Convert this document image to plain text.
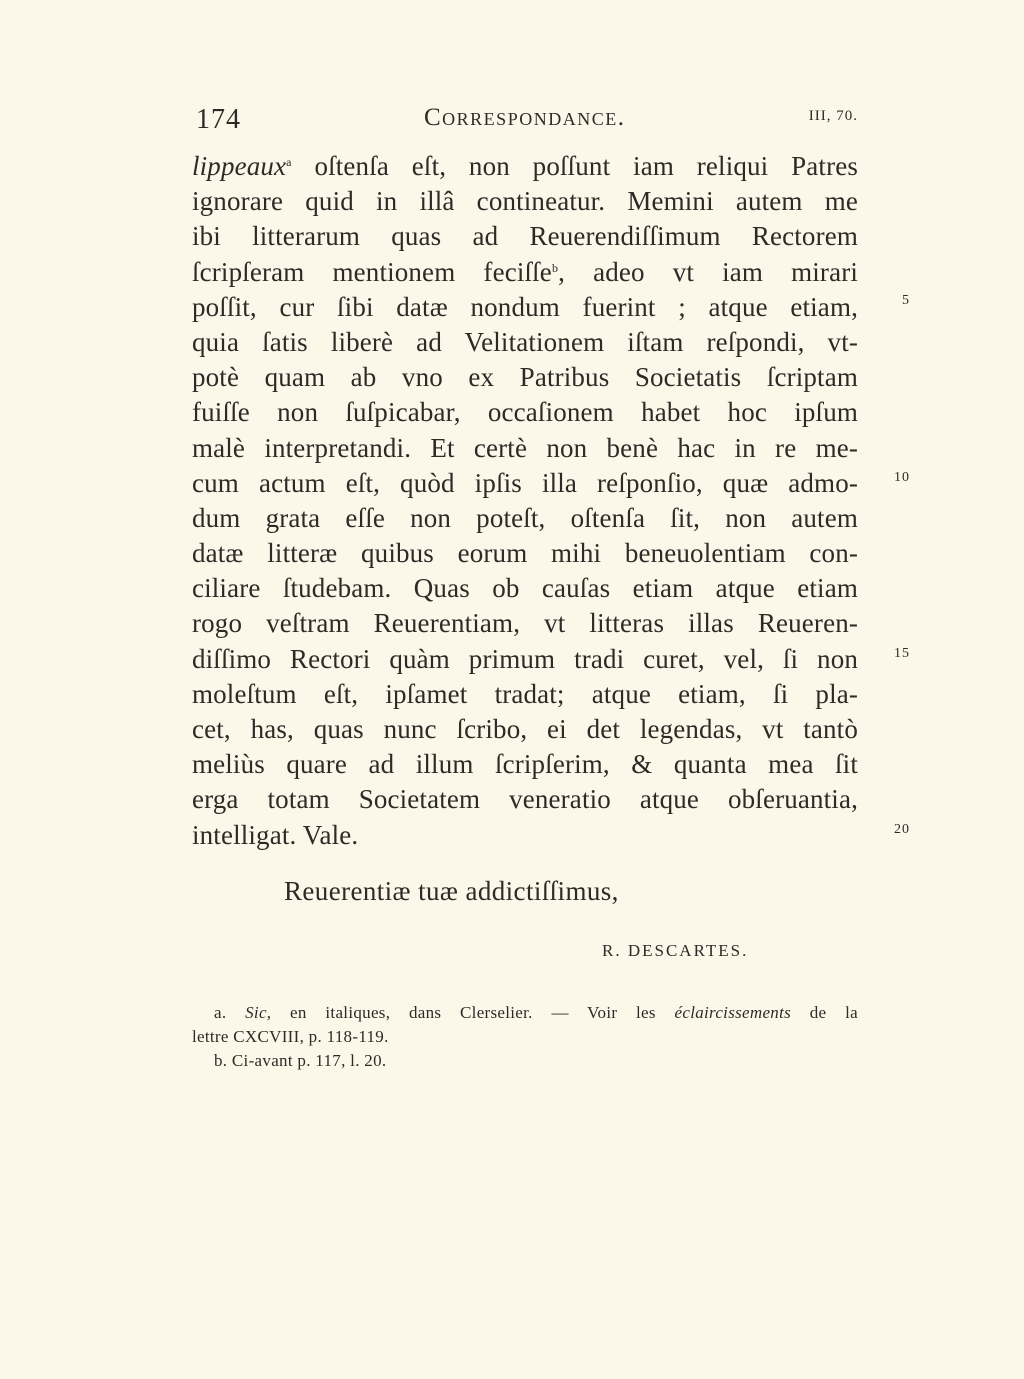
174	Correspondance.	III, 70.
lippeaux$^a$ oſtenſa eſt, non poſſunt iam reliqui Patres
ignorare quid in illâ contineatur. Memini autem me
ibi litterarum quas ad Reuerendiſſimum Rectorem
ſcripſeram mentionem feciſſe$^b$, adeo vt iam mirari
poſſit, cur ſibi datæ nondum fuerint ; atque etiam,
quia ſatis liberè ad Velitationem iſtam reſpondi, vt-
potè quam ab vno ex Patribus Societatis ſcriptam
fuiſſe non ſuſpicabar, occaſionem habet hoc ipſum
malè interpretandi. Et certè non benè hac in re me-
cum actum eſt, quòd ipſis illa reſponſio, quæ admo-
dum grata eſſe non poteſt, oſtenſa ſit, non autem
datæ litteræ quibus eorum mihi beneuolentiam con-
ciliare ſtudebam. Quas ob cauſas etiam atque etiam
rogo veſtram Reuerentiam, vt litteras illas Reueren-
diſſimo Rectori quàm primum tradi curet, vel, ſi non
moleſtum eſt, ipſamet tradat; atque etiam, ſi pla-
cet, has, quas nunc ſcribo, ei det legendas, vt tantò
meliùs quare ad illum ſcripſerim, & quanta mea ſit
erga totam Societatem veneratio atque obſeruantia,
intelligat. Vale.
5
10
15
20
Reuerentiæ tuæ addictiſſimus,
R. DESCARTES.
a. Sic, en italiques, dans Clerselier. — Voir les éclaircissements de la
lettre CXCVIII, p. 118-119.
b. Ci-avant p. 117, l. 20.
